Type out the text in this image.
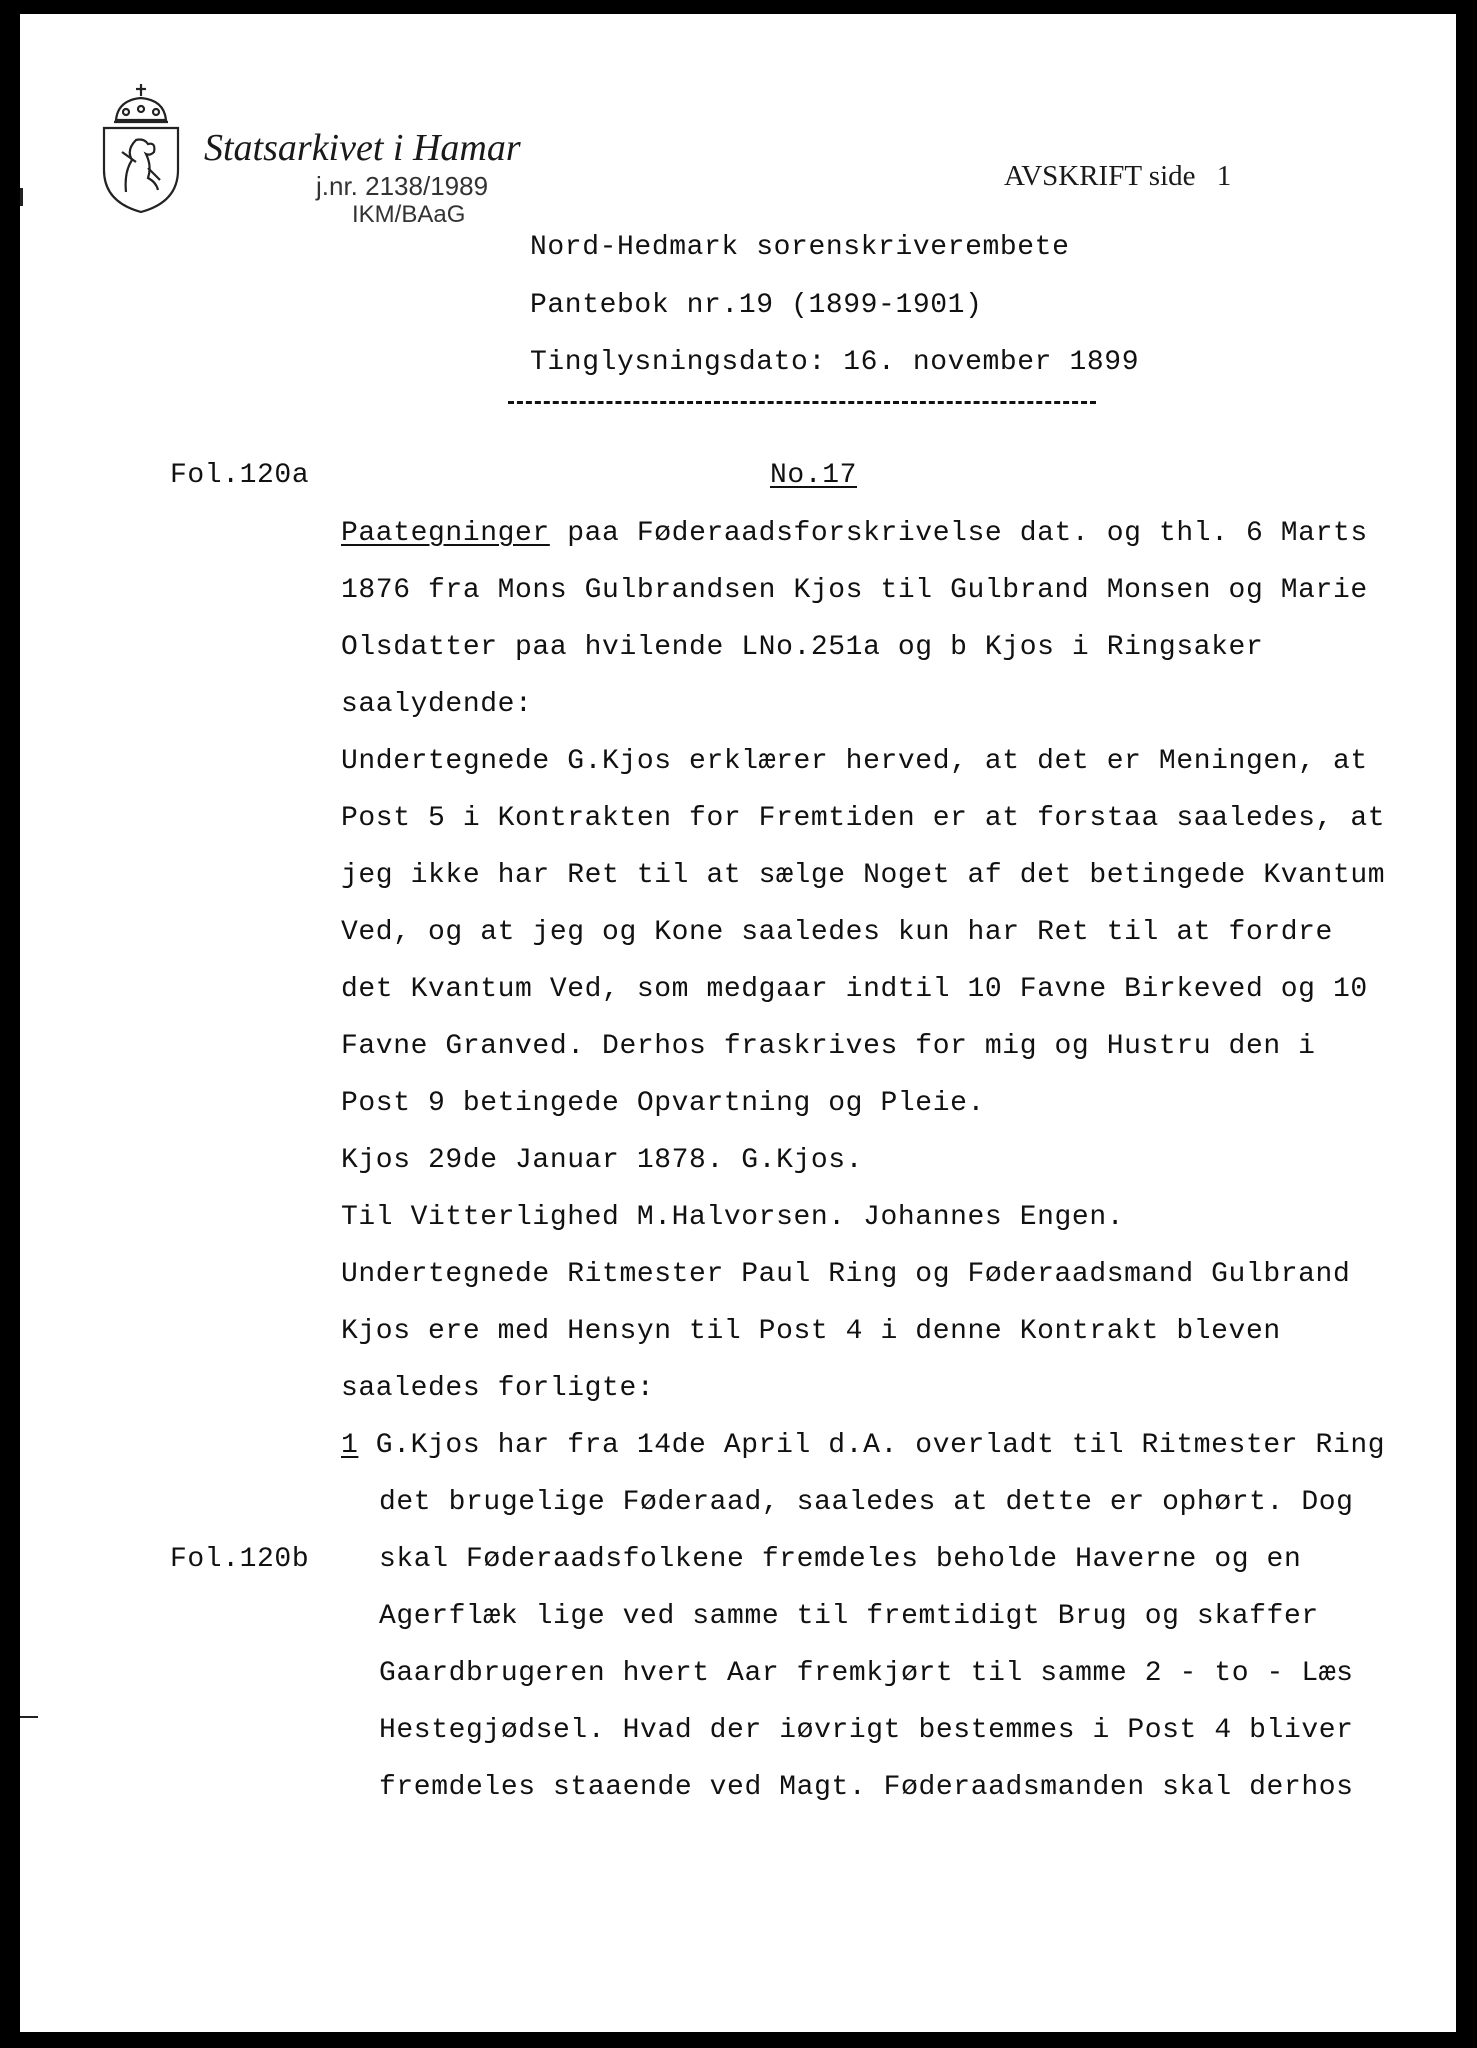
Statsarkivet i Hamar
j.nr. 2138/1989
IKM/BAaG
AVSKRIFT side 1
Nord-Hedmark sorenskriverembete
Pantebok nr.19 (1899-1901)
Tinglysningsdato: 16. november 1899
Fol.120a	No.17
Paategninger paa Føderaadsforskrivelse dat. og thl. 6 Marts
1876 fra Mons Gulbrandsen Kjos til Gulbrand Monsen og Marie
Olsdatter paa hvilende LNo.251a og b Kjos i Ringsaker
saalydende:
Undertegnede G.Kjos erklærer herved, at det er Meningen, at
Post 5 i Kontrakten for Fremtiden er at forstaa saaledes, at
jeg ikke har Ret til at sælge Noget af det betingede Kvantum
Ved, og at jeg og Kone saaledes kun har Ret til at fordre
det Kvantum Ved, som medgaar indtil 10 Favne Birkeved og 10
Favne Granved. Derhos fraskrives for mig og Hustru den i
Post 9 betingede Opvartning og Pleie.
Kjos 29de Januar 1878. G.Kjos.
Til Vitterlighed M.Halvorsen. Johannes Engen.
Undertegnede Ritmester Paul Ring og Føderaadsmand Gulbrand
Kjos ere med Hensyn til Post 4 i denne Kontrakt bleven
saaledes forligte:
1 G.Kjos har fra 14de April d.A. overladt til Ritmester Ring
det brugelige Føderaad, saaledes at dette er ophørt. Dog
Fol.120b skal Føderaadsfolkene fremdeles beholde Haverne og en
Agerflæk lige ved samme til fremtidigt Brug og skaffer
Gaardbrugeren hvert Aar fremkjørt til samme 2 - to - Læs
Hestegjødsel. Hvad der iøvrigt bestemmes i Post 4 bliver
fremdeles staaende ved Magt. Føderaadsmanden skal derhos
